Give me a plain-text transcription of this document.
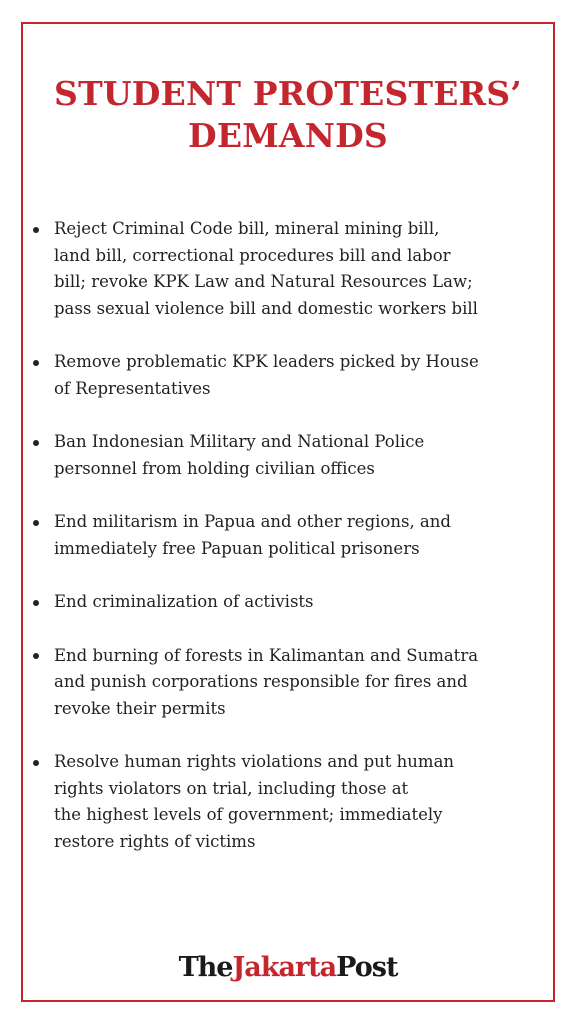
STUDENT PROTESTERS’
DEMANDS
Reject Criminal Code bill, mineral mining bill,
land bill, correctional procedures bill and labor
bill; revoke KPK Law and Natural Resources Law;
pass sexual violence bill and domestic workers bill
Remove problematic KPK leaders picked by House
of Representatives
Ban Indonesian Military and National Police
personnel from holding civilian offices
End militarism in Papua and other regions, and
immediately free Papuan political prisoners
End criminalization of activists
End burning of forests in Kalimantan and Sumatra
and punish corporations responsible for fires and
revoke their permits
Resolve human rights violations and put human
rights violators on trial, including those at
the highest levels of government; immediately
restore rights of victims
TheJakartaPost
